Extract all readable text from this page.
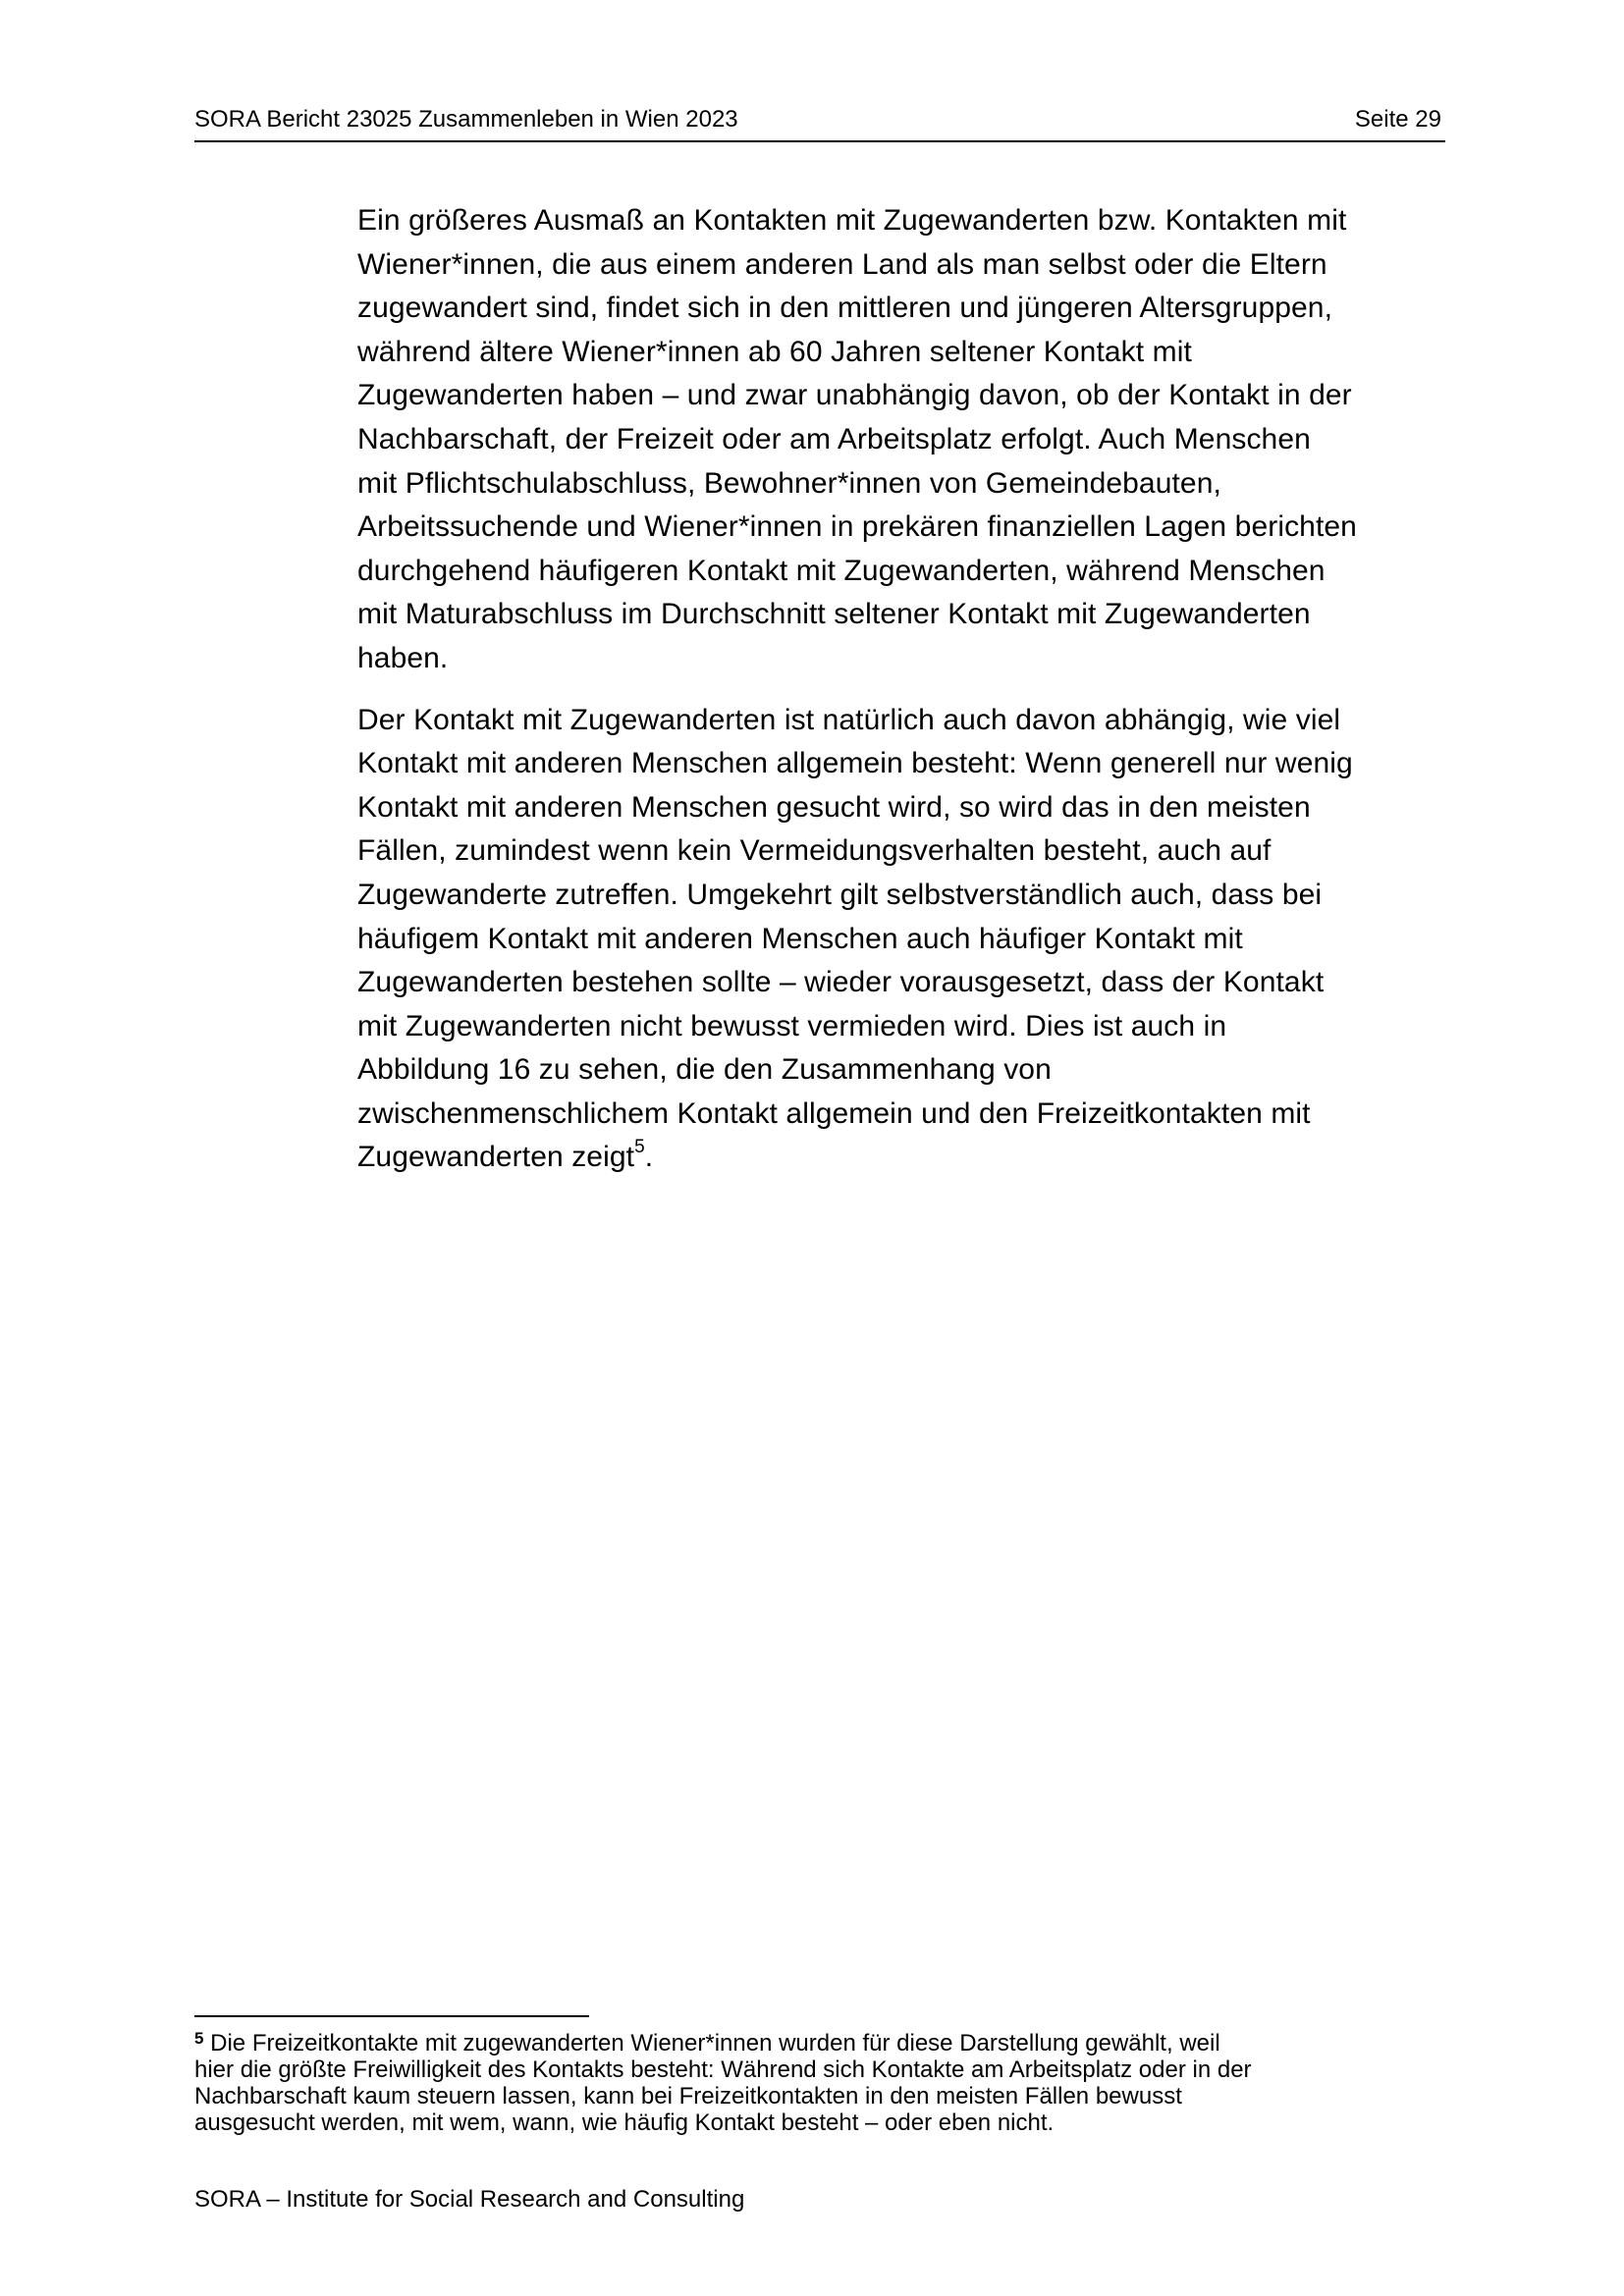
SORA Bericht 23025 Zusammenleben in Wien 2023	Seite 29

Ein größeres Ausmaß an Kontakten mit Zugewanderten bzw. Kontakten mit
Wiener*innen, die aus einem anderen Land als man selbst oder die Eltern
zugewandert sind, findet sich in den mittleren und jüngeren Altersgruppen,
während ältere Wiener*innen ab 60 Jahren seltener Kontakt mit
Zugewanderten haben – und zwar unabhängig davon, ob der Kontakt in der
Nachbarschaft, der Freizeit oder am Arbeitsplatz erfolgt. Auch Menschen
mit Pflichtschulabschluss, Bewohner*innen von Gemeindebauten,
Arbeitssuchende und Wiener*innen in prekären finanziellen Lagen berichten
durchgehend häufigeren Kontakt mit Zugewanderten, während Menschen
mit Maturabschluss im Durchschnitt seltener Kontakt mit Zugewanderten
haben.

Der Kontakt mit Zugewanderten ist natürlich auch davon abhängig, wie viel
Kontakt mit anderen Menschen allgemein besteht: Wenn generell nur wenig
Kontakt mit anderen Menschen gesucht wird, so wird das in den meisten
Fällen, zumindest wenn kein Vermeidungsverhalten besteht, auch auf
Zugewanderte zutreffen. Umgekehrt gilt selbstverständlich auch, dass bei
häufigem Kontakt mit anderen Menschen auch häufiger Kontakt mit
Zugewanderten bestehen sollte – wieder vorausgesetzt, dass der Kontakt
mit Zugewanderten nicht bewusst vermieden wird. Dies ist auch in
Abbildung 16 zu sehen, die den Zusammenhang von
zwischenmenschlichem Kontakt allgemein und den Freizeitkontakten mit
Zugewanderten zeigt$^5$.

$^5$ Die Freizeitkontakte mit zugewanderten Wiener*innen wurden für diese Darstellung gewählt, weil
hier die größte Freiwilligkeit des Kontakts besteht: Während sich Kontakte am Arbeitsplatz oder in der
Nachbarschaft kaum steuern lassen, kann bei Freizeitkontakten in den meisten Fällen bewusst
ausgesucht werden, mit wem, wann, wie häufig Kontakt besteht – oder eben nicht.
SORA – Institute for Social Research and Consulting
